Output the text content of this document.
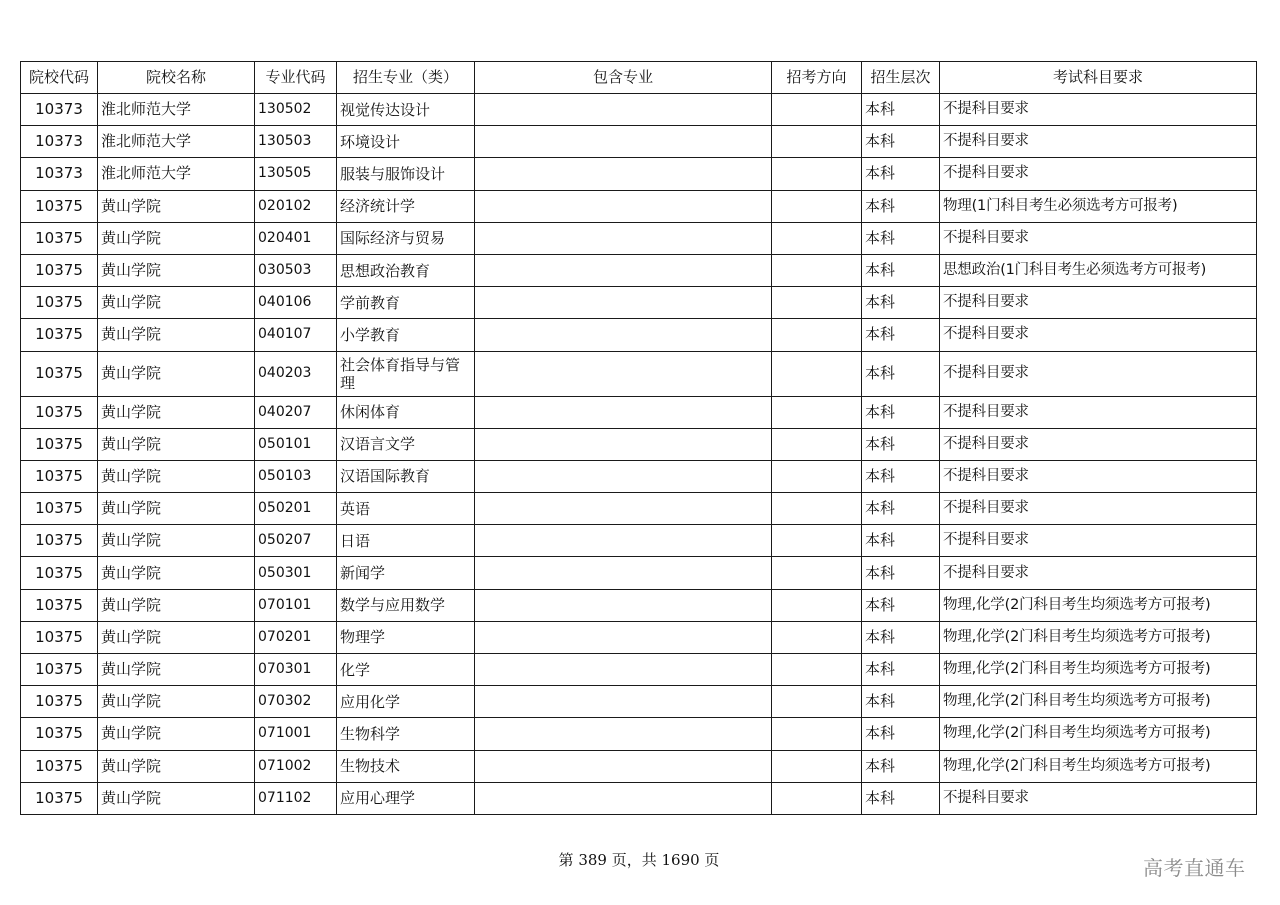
院校代码	院校名称	专业代码	招生专业（类）	包含专业	招考方向	招生层次	考试科目要求
10373	淮北师范大学	130502	视觉传达设计			本科	不提科目要求
10373	淮北师范大学	130503	环境设计			本科	不提科目要求
10373	淮北师范大学	130505	服装与服饰设计			本科	不提科目要求
10375	黄山学院	020102	经济统计学			本科	物理(1门科目考生必须选考方可报考)
10375	黄山学院	020401	国际经济与贸易			本科	不提科目要求
10375	黄山学院	030503	思想政治教育			本科	思想政治(1门科目考生必须选考方可报考)
10375	黄山学院	040106	学前教育			本科	不提科目要求
10375	黄山学院	040107	小学教育			本科	不提科目要求
10375	黄山学院	040203	社会体育指导与管理			本科	不提科目要求
10375	黄山学院	040207	休闲体育			本科	不提科目要求
10375	黄山学院	050101	汉语言文学			本科	不提科目要求
10375	黄山学院	050103	汉语国际教育			本科	不提科目要求
10375	黄山学院	050201	英语			本科	不提科目要求
10375	黄山学院	050207	日语			本科	不提科目要求
10375	黄山学院	050301	新闻学			本科	不提科目要求
10375	黄山学院	070101	数学与应用数学			本科	物理,化学(2门科目考生均须选考方可报考)
10375	黄山学院	070201	物理学			本科	物理,化学(2门科目考生均须选考方可报考)
10375	黄山学院	070301	化学			本科	物理,化学(2门科目考生均须选考方可报考)
10375	黄山学院	070302	应用化学			本科	物理,化学(2门科目考生均须选考方可报考)
10375	黄山学院	071001	生物科学			本科	物理,化学(2门科目考生均须选考方可报考)
10375	黄山学院	071002	生物技术			本科	物理,化学(2门科目考生均须选考方可报考)
10375	黄山学院	071102	应用心理学			本科	不提科目要求
第 389 页，共 1690 页	高考直通车
